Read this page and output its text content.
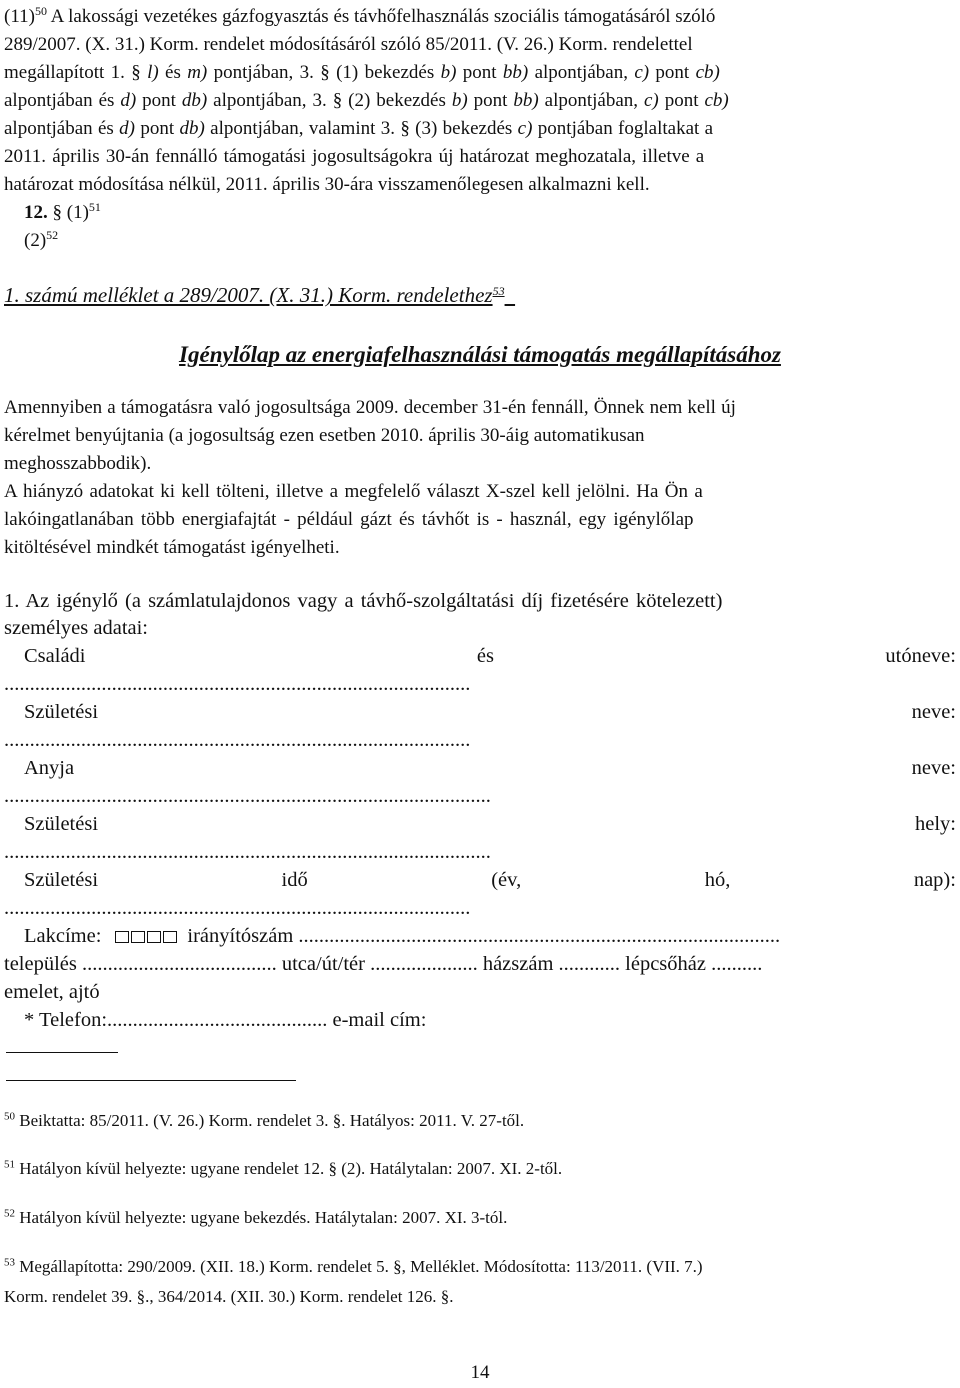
$(11)^{50}$ A lakossági vezetékes gázfogyasztás és távhőfelhasználás szociális támogatásáról szóló

289/2007. (X. 31.) Korm. rendelet módosításáról szóló 85/2011. (V. 26.) Korm. rendelettel

megállapított 1. § l) és m) pontjában, 3. § (1) bekezdés b) pont bb) alpontjában, c) pont cb)

alpontjában és d) pont db) alpontjában, 3. § (2) bekezdés b) pont bb) alpontjában, c) pont cb)

alpontjában és d) pont db) alpontjában, valamint 3. § (3) bekezdés c) pontjában foglaltakat a

2011. április 30-án fennálló támogatási jogosultságokra új határozat meghozatala, illetve a

határozat módosítása nélkül, 2011. április 30-ára visszamenőlegesen alkalmazni kell.

12. § $(1)^{51}$

$(2)^{52}$

1. számú melléklet a 289/2007. (X. 31.) Korm. rendelethez$^{53}$

Igénylőlap az energiafelhasználási támogatás megállapításához

Amennyiben a támogatásra való jogosultsága 2009. december 31-én fennáll, Önnek nem kell új

kérelmet benyújtania (a jogosultság ezen esetben 2010. április 30-áig automatikusan

meghosszabbodik).

A hiányzó adatokat ki kell tölteni, illetve a megfelelő választ X-szel kell jelölni. Ha Ön a

lakóingatlanában több energiafajtát - például gázt és távhőt is - használ, egy igénylőlap

kitöltésével mindkét támogatást igényelheti.

1. Az igénylő (a számlatulajdonos vagy a távhő-szolgáltatási díj fizetésére kötelezett)

személyes adatai:

Családi	és	utóneve:

...........................................................................................

Születési	neve:

...........................................................................................

Anyja	neve:

...............................................................................................

Születési	hely:

...............................................................................................

Születési	idő	(év,	hó,	nap):

...........................................................................................

Lakcíme:	irányítószám ..............................................................................................

település ...................................... utca/út/tér ..................... házszám ............ lépcsőház ..........

emelet, ajtó

* Telefon:........................................... e-mail cím:

$^{50}$ Beiktatta: 85/2011. (V. 26.) Korm. rendelet 3. §. Hatályos: 2011. V. 27-től.

$^{51}$ Hatályon kívül helyezte: ugyane rendelet 12. § (2). Hatálytalan: 2007. XI. 2-től.

$^{52}$ Hatályon kívül helyezte: ugyane bekezdés. Hatálytalan: 2007. XI. 3-tól.

$^{53}$ Megállapította: 290/2009. (XII. 18.) Korm. rendelet 5. §, Melléklet. Módosította: 113/2011. (VII. 7.)

Korm. rendelet 39. §., 364/2014. (XII. 30.) Korm. rendelet 126. §.

14
